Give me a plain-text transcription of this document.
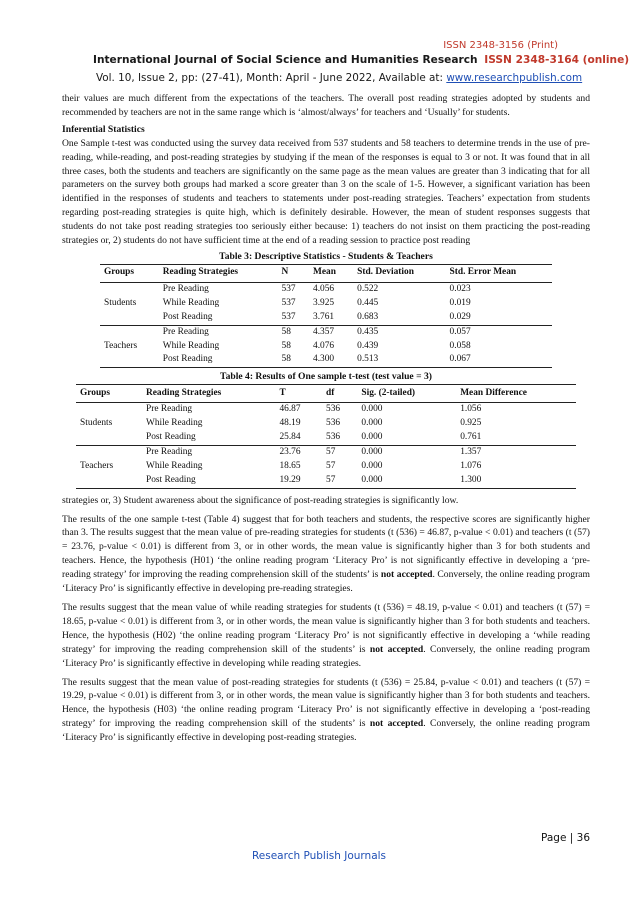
ISSN 2348-3156 (Print)
International Journal of Social Science and Humanities Research ISSN 2348-3164 (online)
Vol. 10, Issue 2, pp: (27-41), Month: April - June 2022, Available at: www.researchpublish.com

their values are much different from the expectations of the teachers. The overall post reading strategies adopted by students and recommended by teachers are not in the same range which is ‘almost/always’ for teachers and ‘Usually’ for students.

Inferential Statistics

One Sample t-test was conducted using the survey data received from 537 students and 58 teachers to determine trends in the use of pre-reading, while-reading, and post-reading strategies by studying if the mean of the responses is equal to 3 or not. It was found that in all three cases, both the students and teachers are significantly on the same page as the mean values are greater than 3 indicating that for all parameters on the survey both groups had marked a score greater than 3 on the scale of 1-5. However, a significant variation has been identified in the responses of students and teachers to statements under post-reading strategies. Teachers’ expectation from students regarding post-reading strategies is quite high, which is definitely desirable. However, the mean of student responses suggests that students do not take post reading strategies too seriously either because: 1) teachers do not insist on them practicing the post-reading strategies or, 2) students do not have sufficient time at the end of a reading session to practice post reading

Table 3: Descriptive Statistics - Students & Teachers
Groups	Reading Strategies	N	Mean	Std. Deviation	Std. Error Mean
Students	Pre Reading	537	4.056	0.522	0.023
	While Reading	537	3.925	0.445	0.019
	Post Reading	537	3.761	0.683	0.029
Teachers	Pre Reading	58	4.357	0.435	0.057
	While Reading	58	4.076	0.439	0.058
	Post Reading	58	4.300	0.513	0.067
Table 4: Results of One sample t-test (test value = 3)
Groups	Reading Strategies	T	df	Sig. (2-tailed)	Mean Difference
Students	Pre Reading	46.87	536	0.000	1.056
	While Reading	48.19	536	0.000	0.925
	Post Reading	25.84	536	0.000	0.761
Teachers	Pre Reading	23.76	57	0.000	1.357
	While Reading	18.65	57	0.000	1.076
	Post Reading	19.29	57	0.000	1.300

strategies or, 3) Student awareness about the significance of post-reading strategies is significantly low.

The results of the one sample t-test (Table 4) suggest that for both teachers and students, the respective scores are significantly higher than 3. The results suggest that the mean value of pre-reading strategies for students (t (536) = 46.87, p-value < 0.01) and teachers (t (57) = 23.76, p-value < 0.01) is different from 3, or in other words, the mean value is significantly higher than 3 for both students and teachers. Hence, the hypothesis (H01) ‘the online reading program ‘Literacy Pro’ is not significantly effective in developing a ‘pre-reading strategy’ for improving the reading comprehension skill of the students’ is not accepted. Conversely, the online reading program ‘Literacy Pro’ is significantly effective in developing pre-reading strategies.

The results suggest that the mean value of while reading strategies for students (t (536) = 48.19, p-value < 0.01) and teachers (t (57) = 18.65, p-value < 0.01) is different from 3, or in other words, the mean value is significantly higher than 3 for both students and teachers. Hence, the hypothesis (H02) ‘the online reading program ‘Literacy Pro’ is not significantly effective in developing a ‘while reading strategy’ for improving the reading comprehension skill of the students’ is not accepted. Conversely, the online reading program ‘Literacy Pro’ is significantly effective in developing while reading strategies.

The results suggest that the mean value of post-reading strategies for students (t (536) = 25.84, p-value < 0.01) and teachers (t (57) = 19.29, p-value < 0.01) is different from 3, or in other words, the mean value is significantly higher than 3 for both students and teachers. Hence, the hypothesis (H03) ‘the online reading program ‘Literacy Pro’ is not significantly effective in developing a ‘post-reading strategy’ for improving the reading comprehension skill of the students’ is not accepted. Conversely, the online reading program ‘Literacy Pro’ is significantly effective in developing post-reading strategies.

Page | 36
Research Publish Journals
